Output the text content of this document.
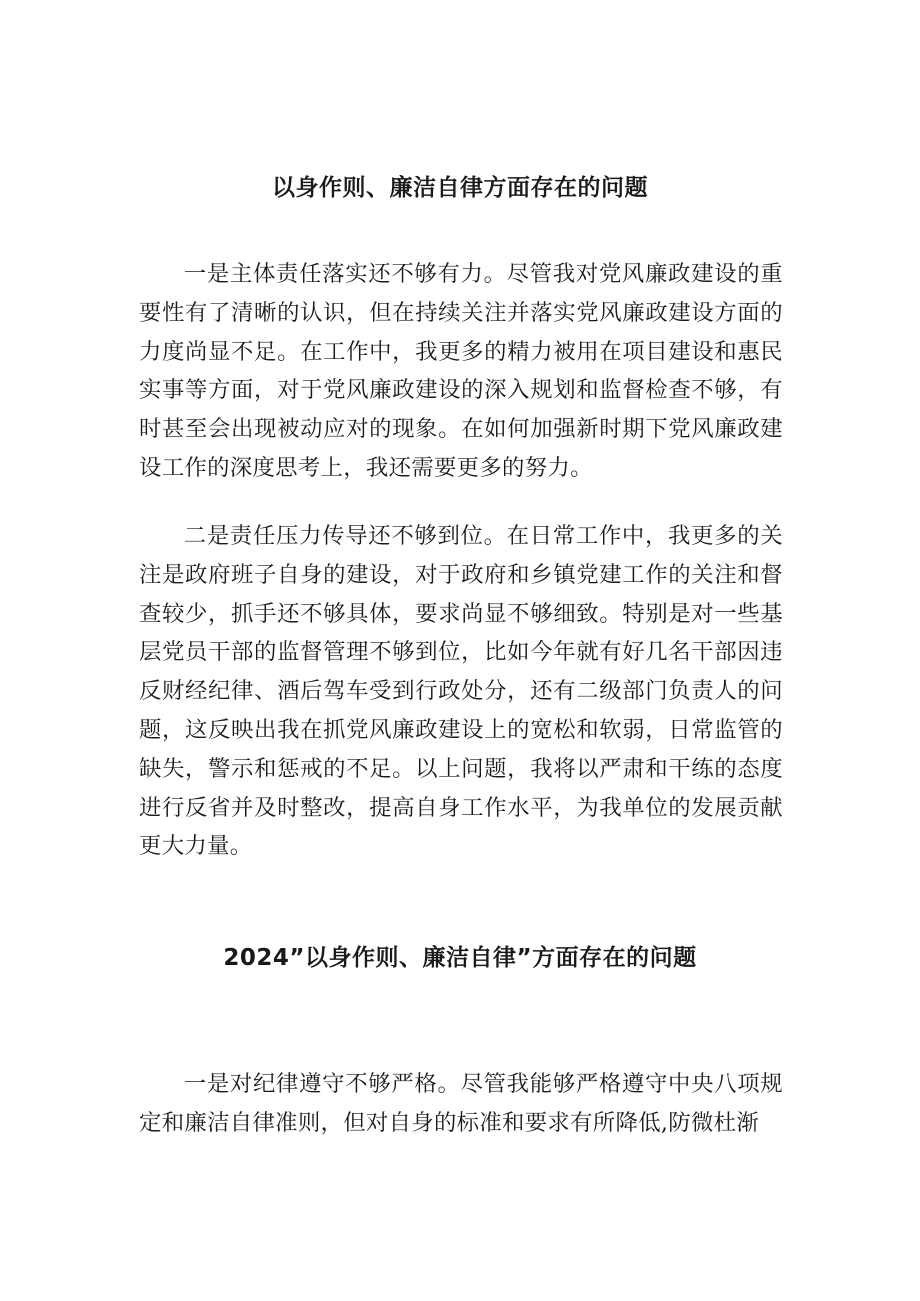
以身作则、廉洁自律方面存在的问题

一是主体责任落实还不够有力。尽管我对党风廉政建设的重要性有了清晰的认识，但在持续关注并落实党风廉政建设方面的力度尚显不足。在工作中，我更多的精力被用在项目建设和惠民实事等方面，对于党风廉政建设的深入规划和监督检查不够，有时甚至会出现被动应对的现象。在如何加强新时期下党风廉政建设工作的深度思考上，我还需要更多的努力。

二是责任压力传导还不够到位。在日常工作中，我更多的关注是政府班子自身的建设，对于政府和乡镇党建工作的关注和督查较少，抓手还不够具体，要求尚显不够细致。特别是对一些基层党员干部的监督管理不够到位，比如今年就有好几名干部因违反财经纪律、酒后驾车受到行政处分，还有二级部门负责人的问题，这反映出我在抓党风廉政建设上的宽松和软弱，日常监管的缺失，警示和惩戒的不足。以上问题，我将以严肃和干练的态度进行反省并及时整改，提高自身工作水平，为我单位的发展贡献更大力量。

2024”以身作则、廉洁自律”方面存在的问题

一是对纪律遵守不够严格。尽管我能够严格遵守中央八项规定和廉洁自律准则，但对自身的标准和要求有所降低,防微杜渐
